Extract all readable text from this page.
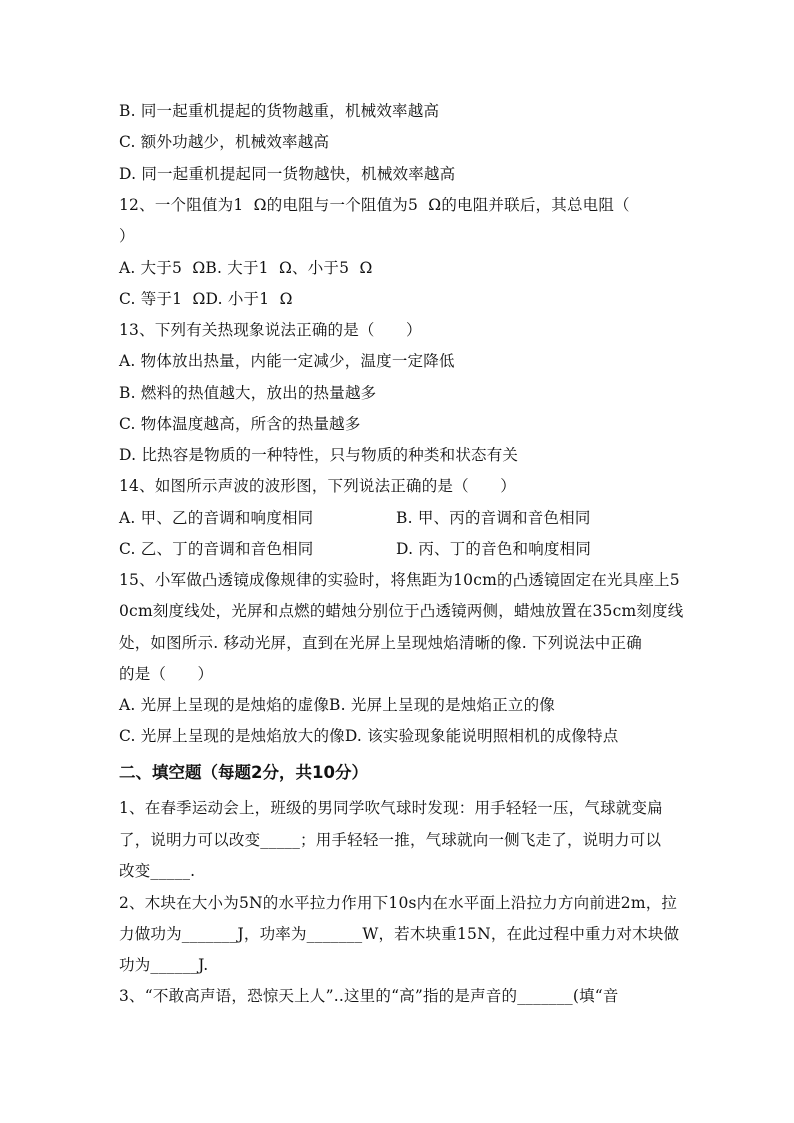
B. 同一起重机提起的货物越重，机械效率越高
C. 额外功越少，机械效率越高
D. 同一起重机提起同一货物越快，机械效率越高
12、一个阻值为1  Ω的电阻与一个阻值为5  Ω的电阻并联后，其总电阻（
）
A. 大于5  ΩB. 大于1  Ω、小于5  Ω
C. 等于1  ΩD. 小于1  Ω
13、下列有关热现象说法正确的是（　　）
A. 物体放出热量，内能一定减少，温度一定降低
B. 燃料的热值越大，放出的热量越多
C. 物体温度越高，所含的热量越多
D. 比热容是物质的一种特性，只与物质的种类和状态有关
14、如图所示声波的波形图，下列说法正确的是（　　）
A. 甲、乙的音调和响度相同	B. 甲、丙的音调和音色相同
C. 乙、丁的音调和音色相同	D. 丙、丁的音色和响度相同
15、小军做凸透镜成像规律的实验时，将焦距为10cm的凸透镜固定在光具座上5
0cm刻度线处，光屏和点燃的蜡烛分别位于凸透镜两侧，蜡烛放置在35cm刻度线
处，如图所示. 移动光屏，直到在光屏上呈现烛焰清晰的像. 下列说法中正确
的是（　　）
A. 光屏上呈现的是烛焰的虚像B. 光屏上呈现的是烛焰正立的像
C. 光屏上呈现的是烛焰放大的像D. 该实验现象能说明照相机的成像特点
二、填空题（每题2分，共10分）
1、在春季运动会上，班级的男同学吹气球时发现：用手轻轻一压，气球就变扁
了，说明力可以改变_____；用手轻轻一推，气球就向一侧飞走了，说明力可以
改变_____.
2、木块在大小为5N的水平拉力作用下10s内在水平面上沿拉力方向前进2m，拉
力做功为_______J，功率为_______W，若木块重15N，在此过程中重力对木块做
功为______J.
3、“不敢高声语，恐惊天上人”..这里的“高”指的是声音的_______(填“音
